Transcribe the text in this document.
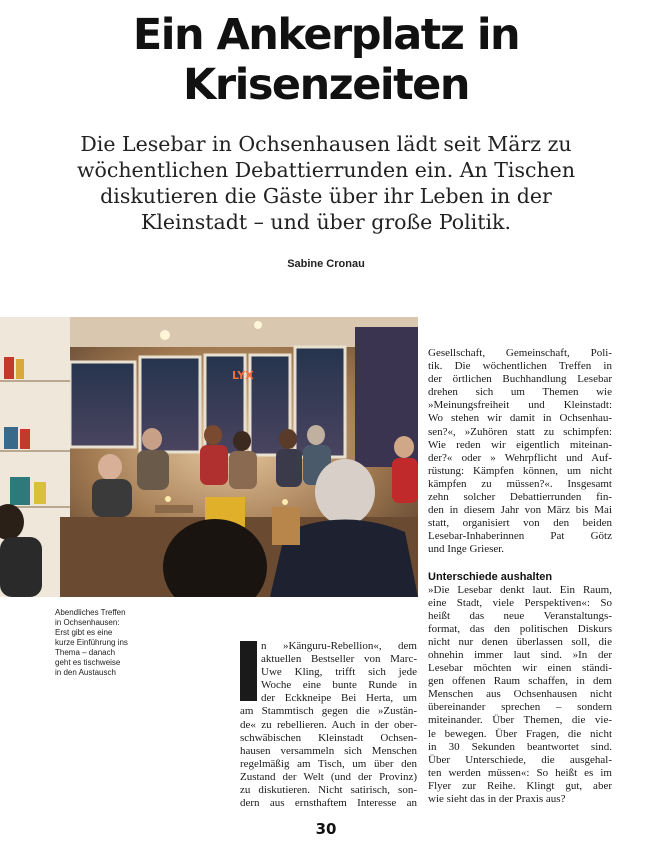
Ein Ankerplatz in
Krisenzeiten

Die Lesebar in Ochsenhausen lädt seit März zu
wöchentlichen Debattierrunden ein. An Tischen
diskutieren die Gäste über ihr Leben in der
Kleinstadt – und über große Politik.

Sabine Cronau
LYX
Abendliches Treffen
in Ochsenhausen:
Erst gibt es eine
kurze Einführung ins
Thema – danach
geht es tischweise
in den Austausch
n »Känguru-Rebellion«, dem
aktuellen Bestseller von Marc-
Uwe Kling, trifft sich jede
Woche eine bunte Runde in
der Eckkneipe Bei Herta, um
am Stammtisch gegen die »Zustän-
de« zu rebellieren. Auch in der ober-
schwäbischen Kleinstadt Ochsen-
hausen versammeln sich Menschen
regelmäßig am Tisch, um über den
Zustand der Welt (und der Provinz)
zu diskutieren. Nicht satirisch, son-
dern aus ernsthaftem Interesse an
Gesellschaft, Gemeinschaft, Poli-
tik. Die wöchentlichen Treffen in
der örtlichen Buchhandlung Lesebar
drehen sich um Themen wie
»Meinungsfreiheit und Kleinstadt:
Wo stehen wir damit in Ochsenhau-
sen?«, »Zuhören statt zu schimpfen:
Wie reden wir eigentlich miteinan-
der?« oder » Wehrpflicht und Auf-
rüstung: Kämpfen können, um nicht
kämpfen zu müssen?«. Insgesamt
zehn solcher Debattierrunden fin-
den in diesem Jahr von März bis Mai
statt, organisiert von den beiden
Lesebar-Inhaberinnen Pat Götz
und Inge Grieser.
Unterschiede aushalten
»Die Lesebar denkt laut. Ein Raum,
eine Stadt, viele Perspektiven«: So
heißt das neue Veranstaltungs-
format, das den politischen Diskurs
nicht nur denen überlassen soll, die
ohnehin immer laut sind. »In der
Lesebar möchten wir einen ständi-
gen offenen Raum schaffen, in dem
Menschen aus Ochsenhausen nicht
übereinander sprechen – sondern
miteinander. Über Themen, die vie-
le bewegen. Über Fragen, die nicht
in 30 Sekunden beantwortet sind.
Über Unterschiede, die ausgehal-
ten werden müssen«: So heißt es im
Flyer zur Reihe. Klingt gut, aber
wie sieht das in der Praxis aus?
30
